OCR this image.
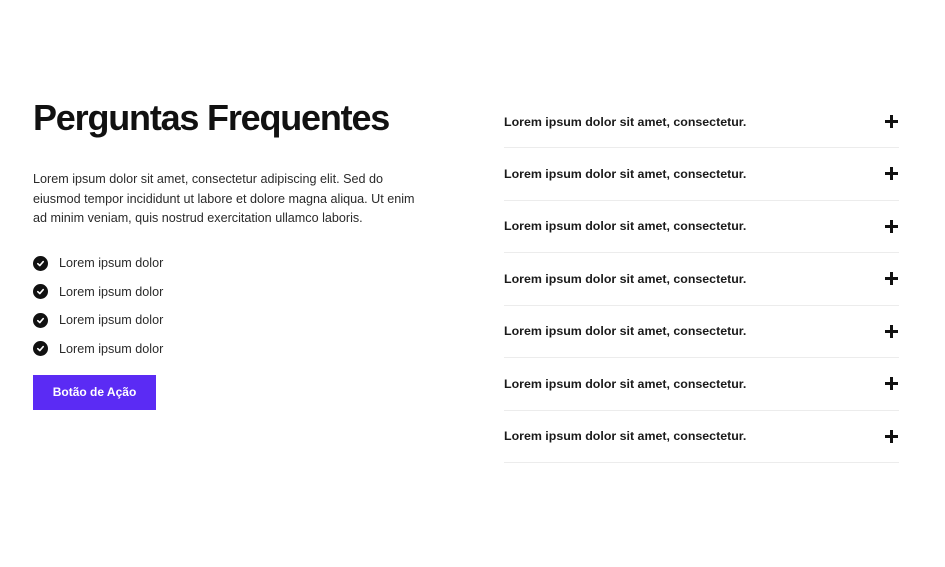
Perguntas Frequentes

Lorem ipsum dolor sit amet, consectetur adipiscing elit. Sed do eiusmod tempor incididunt ut labore et dolore magna aliqua. Ut enim ad minim veniam, quis nostrud exercitation ullamco laboris.

Lorem ipsum dolor
Lorem ipsum dolor
Lorem ipsum dolor
Lorem ipsum dolor
Botão de Ação
Lorem ipsum dolor sit amet, consectetur.
Lorem ipsum dolor sit amet, consectetur.
Lorem ipsum dolor sit amet, consectetur.
Lorem ipsum dolor sit amet, consectetur.
Lorem ipsum dolor sit amet, consectetur.
Lorem ipsum dolor sit amet, consectetur.
Lorem ipsum dolor sit amet, consectetur.
